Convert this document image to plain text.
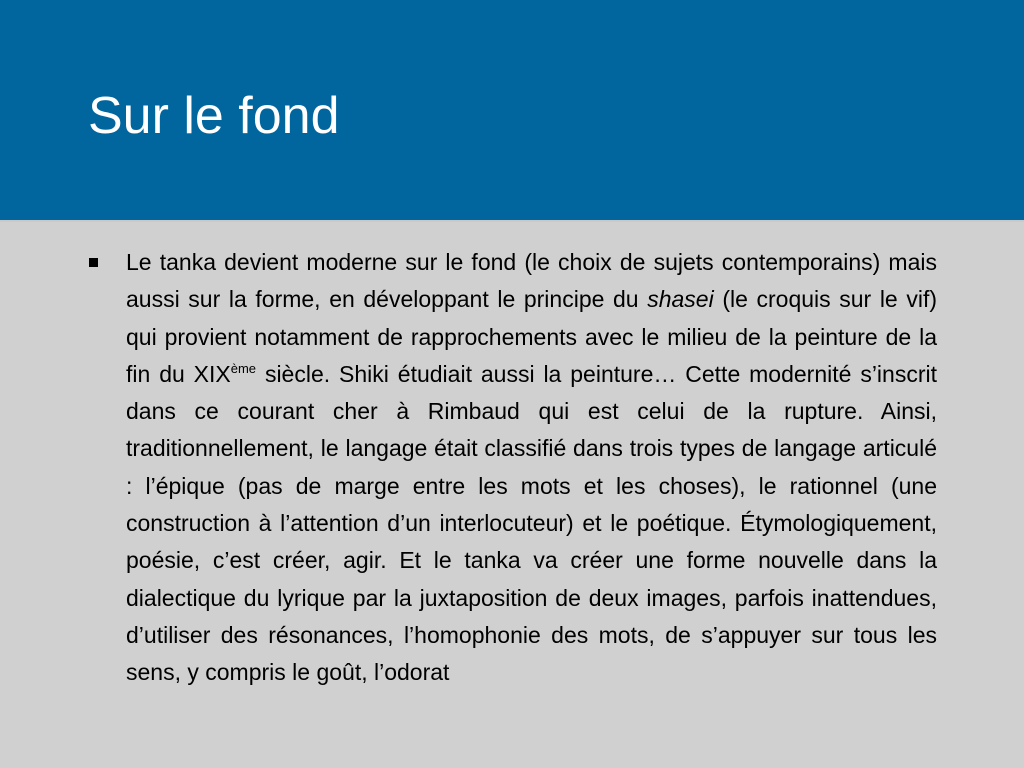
Sur le fond

Le tanka devient moderne sur le fond (le choix de sujets contemporains) mais aussi sur la forme, en développant le principe du shasei (le croquis sur le vif) qui provient notamment de rapprochements avec le milieu de la peinture de la fin du XIXème siècle. Shiki étudiait aussi la peinture… Cette modernité s’inscrit dans ce courant cher à Rimbaud qui est celui de la rupture. Ainsi, traditionnellement, le langage était classifié dans trois types de langage articulé : l’épique (pas de marge entre les mots et les choses), le rationnel (une construction à l’attention d’un interlocuteur) et le poétique. Étymologiquement, poésie, c’est créer, agir. Et le tanka va créer une forme nouvelle dans la dialectique du lyrique par la juxtaposition de deux images, parfois inattendues, d’utiliser des résonances, l’homophonie des mots, de s’appuyer sur tous les sens, y compris le goût, l’odorat
